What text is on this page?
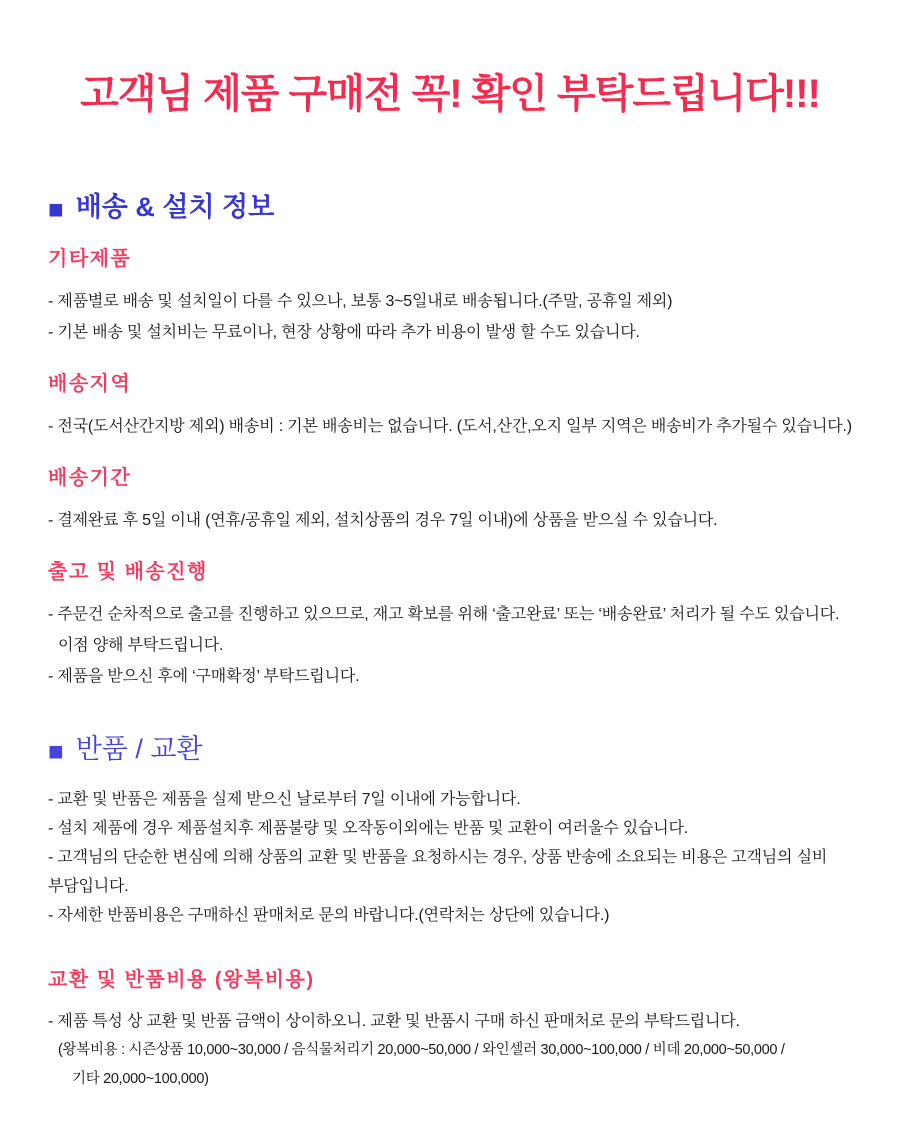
고객님 제품 구매전 꼭! 확인 부탁드립니다!!!
■ 배송 & 설치 정보
기타제품

- 제품별로 배송 및 설치일이 다를 수 있으나, 보통 3~5일내로 배송됩니다.(주말, 공휴일 제외)

- 기본 배송 및 설치비는 무료이나, 현장 상황에 따라 추가 비용이 발생 할 수도 있습니다.

배송지역

- 전국(도서산간지방 제외) 배송비 : 기본 배송비는 없습니다. (도서,산간,오지 일부 지역은 배송비가 추가될수 있습니다.)

배송기간

- 결제완료 후 5일 이내 (연휴/공휴일 제외, 설치상품의 경우 7일 이내)에 상품을 받으실 수 있습니다.

출고 및 배송진행

- 주문건 순차적으로 출고를 진행하고 있으므로, 재고 확보를 위해 ‘출고완료’ 또는 ‘배송완료’ 처리가 될 수도 있습니다.

이점 양해 부탁드립니다.

- 제품을 받으신 후에 ‘구매확정’ 부탁드립니다.

■ 반품 / 교환

- 교환 및 반품은 제품을 실제 받으신 날로부터 7일 이내에 가능합니다.

- 설치 제품에 경우 제품설치후 제품불량 및 오작동이외에는 반품 및 교환이 여러울수 있습니다.

- 고객님의 단순한 변심에 의해 상품의 교환 및 반품을 요청하시는 경우, 상품 반송에 소요되는 비용은 고객님의 실비

부담입니다.

- 자세한 반품비용은 구매하신 판매처로 문의 바랍니다.(연락처는 상단에 있습니다.)

교환 및 반품비용 (왕복비용)

- 제품 특성 상 교환 및 반품 금액이 상이하오니. 교환 및 반품시 구매 하신 판매처로 문의 부탁드립니다.

(왕복비용 : 시즌상품 10,000~30,000 / 음식물처리기 20,000~50,000 / 와인셀러 30,000~100,000 / 비데 20,000~50,000 /

기타 20,000~100,000)
